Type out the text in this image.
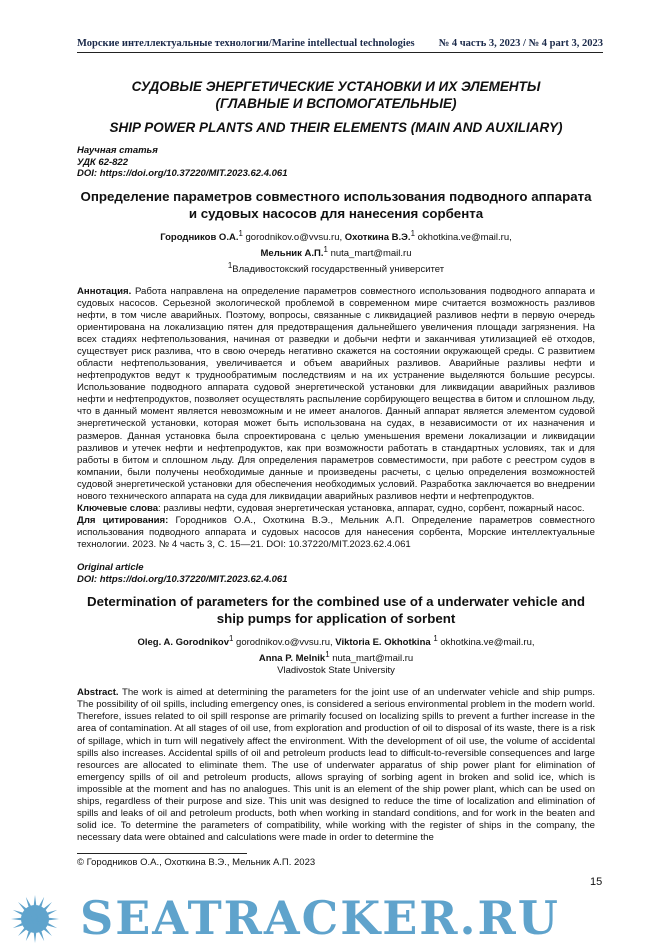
Морские интеллектуальные технологии/Marine intellectual technologies № 4 часть 3, 2023 / № 4 part 3, 2023

СУДОВЫЕ ЭНЕРГЕТИЧЕСКИЕ УСТАНОВКИ И ИХ ЭЛЕМЕНТЫ
(ГЛАВНЫЕ И ВСПОМОГАТЕЛЬНЫЕ)

SHIP POWER PLANTS AND THEIR ELEMENTS (MAIN AND AUXILIARY)

Научная статья
УДК 62-822
DOI: https://doi.org/10.37220/MIT.2023.62.4.061
Определение параметров совместного использования подводного аппарата
и судовых насосов для нанесения сорбента
Городников О.А.$^1$ gorodnikov.o@vvsu.ru, Охоткина В.Э.$^1$ okhotkina.ve@mail.ru,
Мельник А.П.$^1$ nuta_mart@mail.ru
$^1$Владивостокский государственный университет

Аннотация. Работа направлена на определение параметров совместного использования подводного аппарата и судовых насосов. Серьезной экологической проблемой в современном мире считается возможность разливов нефти, в том числе аварийных. Поэтому, вопросы, связанные с ликвидацией разливов нефти в первую очередь ориентирована на локализацию пятен для предотвращения дальнейшего увеличения площади загрязнения. На всех стадиях нефтепользования, начиная от разведки и добычи нефти и заканчивая утилизацией её отходов, существует риск разлива, что в свою очередь негативно скажется на состоянии окружающей среды. С развитием области нефтепользования, увеличивается и объем аварийных разливов. Аварийные разливы нефти и нефтепродуктов ведут к труднообратимым последствиям и на их устранение выделяются большие ресурсы. Использование подводного аппарата судовой энергетической установки для ликвидации аварийных разливов нефти и нефтепродуктов, позволяет осуществлять распыление сорбирующего вещества в битом и сплошном льду, что в данный момент является невозможным и не имеет аналогов. Данный аппарат является элементом судовой энергетической установки, которая может быть использована на судах, в независимости от их назначения и размеров. Данная установка была спроектирована с целью уменьшения времени локализации и ликвидации разливов и утечек нефти и нефтепродуктов, как при возможности работать в стандартных условиях, так и для работы в битом и сплошном льду. Для определения параметров совместимости, при работе с реестром судов в компании, были получены необходимые данные и произведены расчеты, с целью определения возможностей судовой энергетической установки для обеспечения необходимых условий. Разработка заключается во внедрении нового технического аппарата на суда для ликвидации аварийных разливов нефти и нефтепродуктов.

Ключевые слова: разливы нефти, судовая энергетическая установка, аппарат, судно, сорбент, пожарный насос.

Для цитирования: Городников О.А., Охоткина В.Э., Мельник А.П. Определение параметров совместного использования подводного аппарата и судовых насосов для нанесения сорбента, Морские интеллектуальные технологии. 2023. № 4 часть 3, С. 15—21. DOI: 10.37220/MIT.2023.62.4.061

Original article
DOI: https://doi.org/10.37220/MIT.2023.62.4.061
Determination of parameters for the combined use of a underwater vehicle and
ship pumps for application of sorbent
Oleg. A. Gorodnikov$^1$ gorodnikov.o@vvsu.ru, Viktoria E. Okhotkina $^1$ okhotkina.ve@mail.ru,
Anna P. Melnik$^1$ nuta_mart@mail.ru
Vladivostok State University

Abstract. The work is aimed at determining the parameters for the joint use of an underwater vehicle and ship pumps. The possibility of oil spills, including emergency ones, is considered a serious environmental problem in the modern world. Therefore, issues related to oil spill response are primarily focused on localizing spills to prevent a further increase in the area of contamination. At all stages of oil use, from exploration and production of oil to disposal of its waste, there is a risk of spillage, which in turn will negatively affect the environment. With the development of oil use, the volume of accidental spills also increases. Accidental spills of oil and petroleum products lead to difficult-to-reversible consequences and large resources are allocated to eliminate them. The use of underwater apparatus of ship power plant for elimination of emergency spills of oil and petroleum products, allows spraying of sorbing agent in broken and solid ice, which is impossible at the moment and has no analogues. This unit is an element of the ship power plant, which can be used on ships, regardless of their purpose and size. This unit was designed to reduce the time of localization and elimination of spills and leaks of oil and petroleum products, both when working in standard conditions, and for work in the beaten and solid ice. To determine the parameters of compatibility, while working with the register of ships in the company, the necessary data were obtained and calculations were made in order to determine the

© Городников О.А., Охоткина В.Э., Мельник А.П. 2023
15
SEATRACKER.RU
